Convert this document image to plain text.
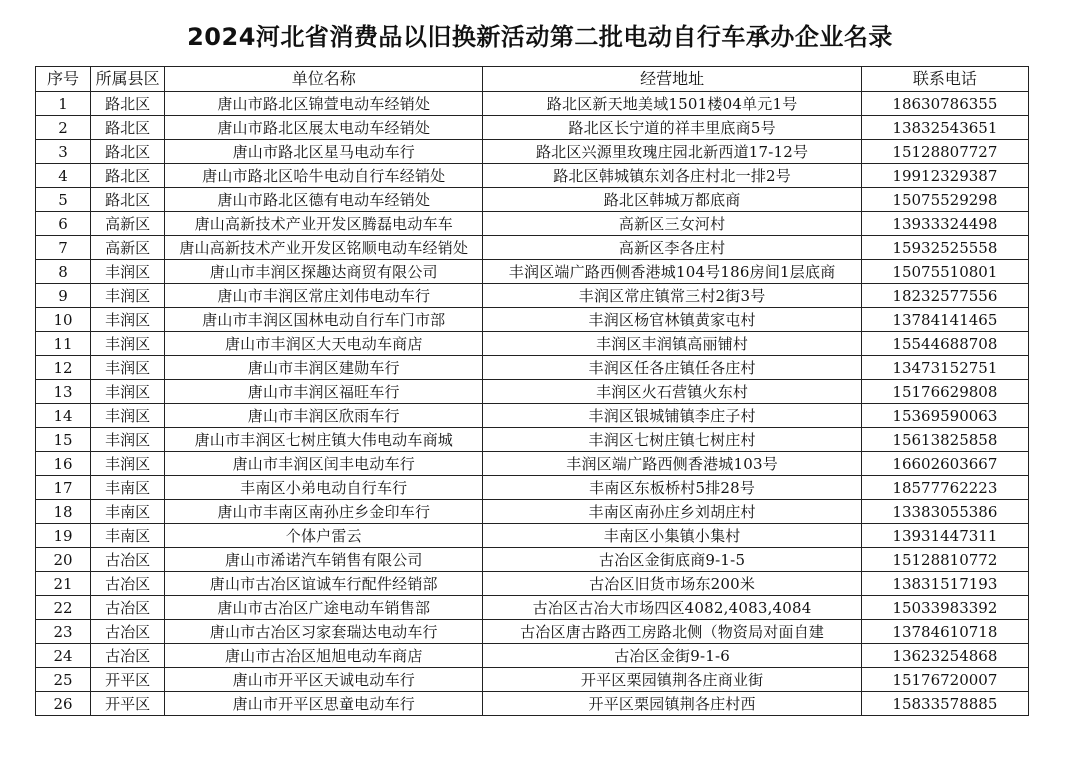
2024河北省消费品以旧换新活动第二批电动自行车承办企业名录
序号	所属县区	单位名称	经营地址	联系电话
1	路北区	唐山市路北区锦萱电动车经销处	路北区新天地美域1501楼04单元1号	18630786355
2	路北区	唐山市路北区展太电动车经销处	路北区长宁道的祥丰里底商5号	13832543651
3	路北区	唐山市路北区星马电动车行	路北区兴源里玫瑰庄园北新西道17-12号	15128807727
4	路北区	唐山市路北区哈牛电动自行车经销处	路北区韩城镇东刘各庄村北一排2号	19912329387
5	路北区	唐山市路北区德有电动车经销处	路北区韩城万都底商	15075529298
6	高新区	唐山高新技术产业开发区腾磊电动车车	高新区三女河村	13933324498
7	高新区	唐山高新技术产业开发区铭顺电动车经销处	高新区李各庄村	15932525558
8	丰润区	唐山市丰润区探趣达商贸有限公司	丰润区端广路西侧香港城104号186房间1层底商	15075510801
9	丰润区	唐山市丰润区常庄刘伟电动车行	丰润区常庄镇常三村2街3号	18232577556
10	丰润区	唐山市丰润区国林电动自行车门市部	丰润区杨官林镇黄家屯村	13784141465
11	丰润区	唐山市丰润区大天电动车商店	丰润区丰润镇高丽铺村	15544688708
12	丰润区	唐山市丰润区建勋车行	丰润区任各庄镇任各庄村	13473152751
13	丰润区	唐山市丰润区福旺车行	丰润区火石营镇火东村	15176629808
14	丰润区	唐山市丰润区欣雨车行	丰润区银城铺镇李庄子村	15369590063
15	丰润区	唐山市丰润区七树庄镇大伟电动车商城	丰润区七树庄镇七树庄村	15613825858
16	丰润区	唐山市丰润区闰丰电动车行	丰润区端广路西侧香港城103号	16602603667
17	丰南区	丰南区小弟电动自行车行	丰南区东板桥村5排28号	18577762223
18	丰南区	唐山市丰南区南孙庄乡金印车行	丰南区南孙庄乡刘胡庄村	13383055386
19	丰南区	个体户雷云	丰南区小集镇小集村	13931447311
20	古冶区	唐山市浠诺汽车销售有限公司	古冶区金街底商9-1-5	15128810772
21	古冶区	唐山市古冶区谊诚车行配件经销部	古冶区旧货市场东200米	13831517193
22	古冶区	唐山市古冶区广途电动车销售部	古冶区古冶大市场四区4082,4083,4084	15033983392
23	古冶区	唐山市古冶区习家套瑞达电动车行	古冶区唐古路西工房路北侧（物资局对面自建	13784610718
24	古冶区	唐山市古冶区旭旭电动车商店	古冶区金街9-1-6	13623254868
25	开平区	唐山市开平区天诚电动车行	开平区栗园镇荆各庄商业街	15176720007
26	开平区	唐山市开平区思童电动车行	开平区栗园镇荆各庄村西	15833578885
